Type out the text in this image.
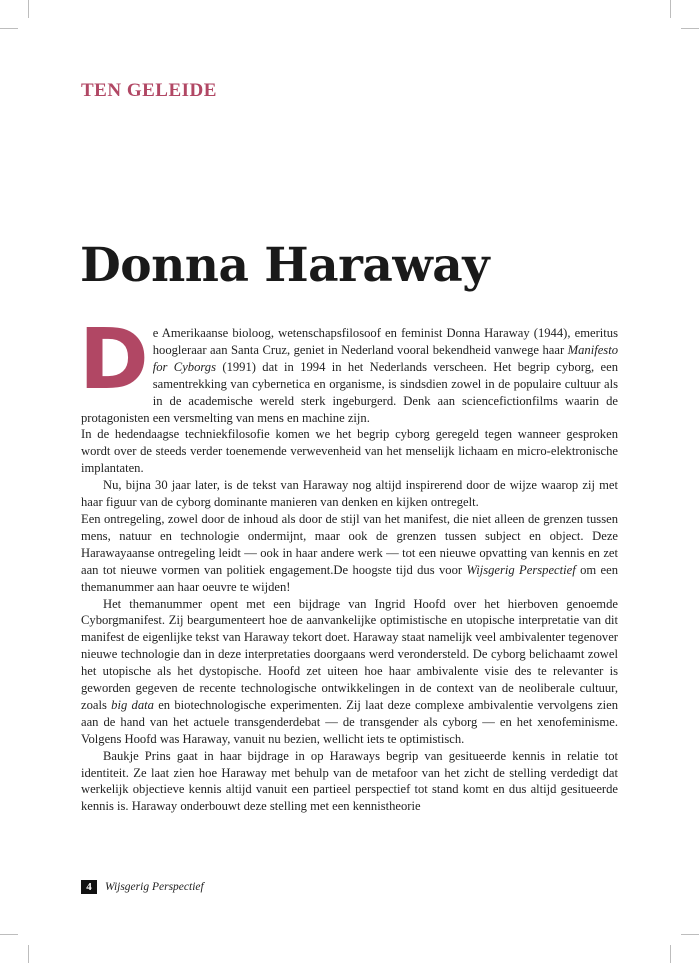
TEN GELEIDE
Donna Haraway

De Amerikaanse bioloog, wetenschapsfilosoof en feminist Donna Haraway (1944), emeritus hoogleraar aan Santa Cruz, geniet in Nederland vooral bekendheid vanwege haar Manifesto for Cyborgs (1991) dat in 1994 in het Nederlands verscheen. Het begrip cyborg, een samentrekking van cybernetica en organisme, is sindsdien zowel in de populaire cultuur als in de academische wereld sterk ingeburgerd. Denk aan sciencefictionfilms waarin de protagonisten een versmelting van mens en machine zijn.

In de hedendaagse techniekfilosofie komen we het begrip cyborg geregeld tegen wanneer gesproken wordt over de steeds verder toenemende verwevenheid van het menselijk lichaam en micro-elektronische implantaten.

Nu, bijna 30 jaar later, is de tekst van Haraway nog altijd inspirerend door de wijze waarop zij met haar figuur van de cyborg dominante manieren van denken en kijken ontregelt.

Een ontregeling, zowel door de inhoud als door de stijl van het manifest, die niet alleen de grenzen tussen mens, natuur en technologie ondermijnt, maar ook de grenzen tussen subject en object. Deze Harawayaanse ontregeling leidt — ook in haar andere werk — tot een nieuwe opvatting van kennis en zet aan tot nieuwe vormen van politiek engagement.De hoogste tijd dus voor Wijsgerig Perspectief om een themanummer aan haar oeuvre te wijden!

Het themanummer opent met een bijdrage van Ingrid Hoofd over het hierboven genoemde Cyborgmanifest. Zij beargumenteert hoe de aanvankelijke optimistische en utopische interpretatie van dit manifest de eigenlijke tekst van Haraway tekort doet. Haraway staat namelijk veel ambivalenter tegenover nieuwe technologie dan in deze interpretaties doorgaans werd verondersteld. De cyborg belichaamt zowel het utopische als het dystopische. Hoofd zet uiteen hoe haar ambivalente visie des te relevanter is geworden gegeven de recente technologische ontwikkelingen in de context van de neoliberale cultuur, zoals big data en biotechnologische experimenten. Zij laat deze complexe ambivalentie vervolgens zien aan de hand van het actuele transgenderdebat — de transgender als cyborg — en het xenofeminisme. Volgens Hoofd was Haraway, vanuit nu bezien, wellicht iets te optimistisch.

Baukje Prins gaat in haar bijdrage in op Haraways begrip van gesitueerde kennis in relatie tot identiteit. Ze laat zien hoe Haraway met behulp van de metafoor van het zicht de stelling verdedigt dat werkelijk objectieve kennis altijd vanuit een partieel perspectief tot stand komt en dus altijd gesitueerde kennis is. Haraway onderbouwt deze stelling met een kennistheorie

4	Wijsgerig Perspectief
